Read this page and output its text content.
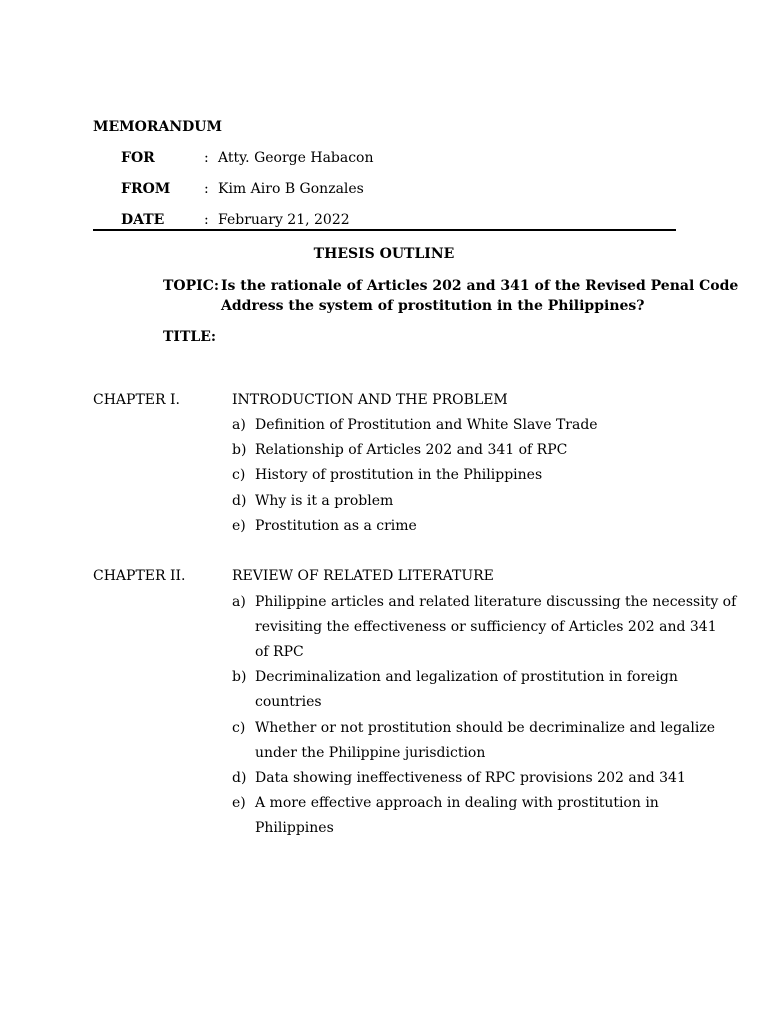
MEMORANDUM
FOR	: Atty. George Habacon
FROM : Kim Airo B Gonzales
DATE	: February 21, 2022
THESIS OUTLINE
TOPIC: Is the rationale of Articles 202 and 341 of the Revised Penal Code
Address the system of prostitution in the Philippines?
TITLE:
CHAPTER I.	INTRODUCTION AND THE PROBLEM
a) Definition of Prostitution and White Slave Trade
b) Relationship of Articles 202 and 341 of RPC
c) History of prostitution in the Philippines
d) Why is it a problem
e) Prostitution as a crime
CHAPTER II.	REVIEW OF RELATED LITERATURE
a) Philippine articles and related literature discussing the necessity of
revisiting the effectiveness or sufficiency of Articles 202 and 341
of RPC
b) Decriminalization and legalization of prostitution in foreign
countries
c) Whether or not prostitution should be decriminalize and legalize
under the Philippine jurisdiction
d) Data showing ineffectiveness of RPC provisions 202 and 341
e) A more effective approach in dealing with prostitution in
Philippines
